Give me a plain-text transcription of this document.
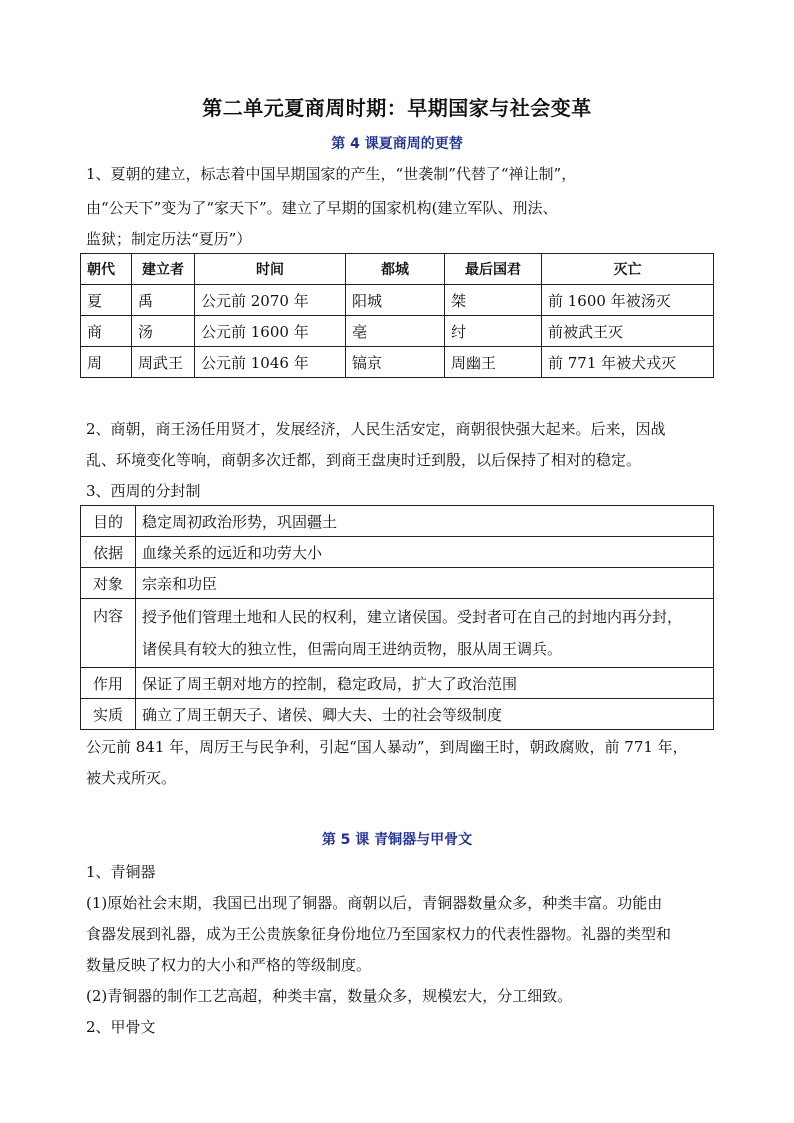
第二单元夏商周时期：早期国家与社会变革
第 4 课夏商周的更替
1、夏朝的建立，标志着中国早期国家的产生，“世袭制”代替了“禅让制”，
由“公天下”变为了“家天下”。建立了早期的国家机构(建立军队、刑法、
监狱；制定历法“夏历”）
朝代	建立者	时间	都城	最后国君	灭亡
夏	禹	公元前 2070 年	阳城	桀	前 1600 年被汤灭
商	汤	公元前 1600 年	亳	纣	前被武王灭
周	周武王	公元前 1046 年	镐京	周幽王	前 771 年被犬戎灭
2、商朝，商王汤任用贤才，发展经济，人民生活安定，商朝很快强大起来。后来，因战
乱、环境变化等响，商朝多次迁都，到商王盘庚时迁到殷，以后保持了相对的稳定。
3、西周的分封制
目的	稳定周初政治形势，巩固疆土
依据	血缘关系的远近和功劳大小
对象	宗亲和功臣
内容	授予他们管理土地和人民的权利，建立诸侯国。受封者可在自己的封地内再分封，
诸侯具有较大的独立性，但需向周王进纳贡物，服从周王调兵。

作用	保证了周王朝对地方的控制，稳定政局，扩大了政治范围
实质	确立了周王朝天子、诸侯、卿大夫、士的社会等级制度
公元前 841 年，周厉王与民争利，引起“国人暴动”，到周幽王时，朝政腐败，前 771 年，
被犬戎所灭。
第 5 课 青铜器与甲骨文
1、青铜器
(1)原始社会末期，我国已出现了铜器。商朝以后，青铜器数量众多，种类丰富。功能由
食器发展到礼器，成为王公贵族象征身份地位乃至国家权力的代表性器物。礼器的类型和
数量反映了权力的大小和严格的等级制度。
(2)青铜器的制作工艺高超，种类丰富，数量众多，规模宏大，分工细致。
2、甲骨文
